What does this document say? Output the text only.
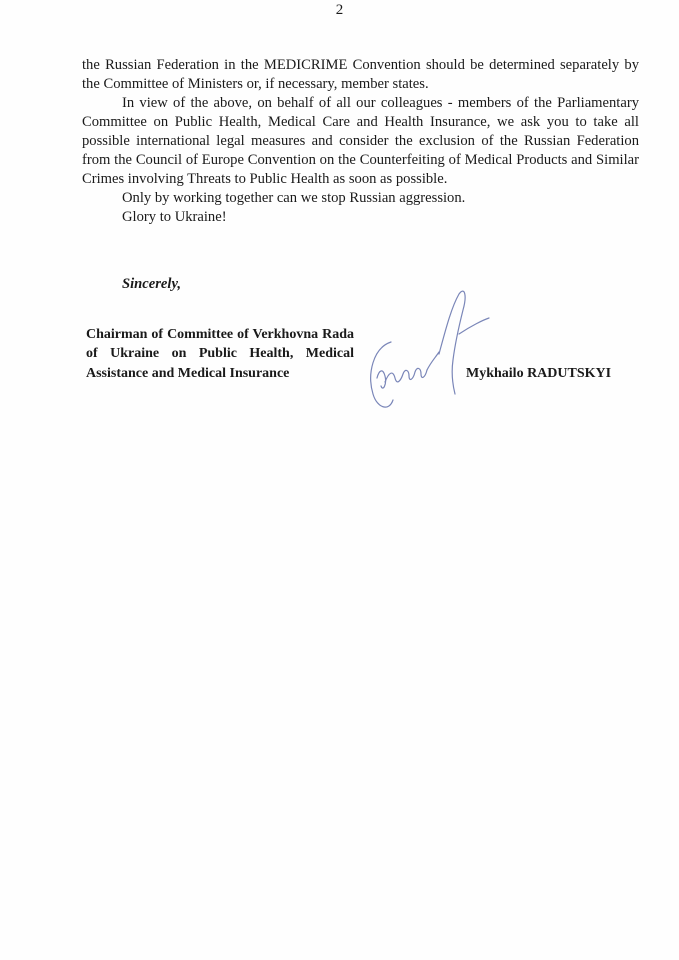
2

the Russian Federation in the MEDICRIME Convention should be determined separately by the Committee of Ministers or, if necessary, member states.

In view of the above, on behalf of all our colleagues - members of the Parliamentary Committee on Public Health, Medical Care and Health Insurance, we ask you to take all possible international legal measures and consider the exclusion of the Russian Federation from the Council of Europe Convention on the Counterfeiting of Medical Products and Similar Crimes involving Threats to Public Health as soon as possible.

Only by working together can we stop Russian aggression.

Glory to Ukraine!

Sincerely,
Chairman of Committee of Verkhovna Rada of Ukraine on Public Health, Medical Assistance and Medical Insurance	Mykhailo RADUTSKYI
